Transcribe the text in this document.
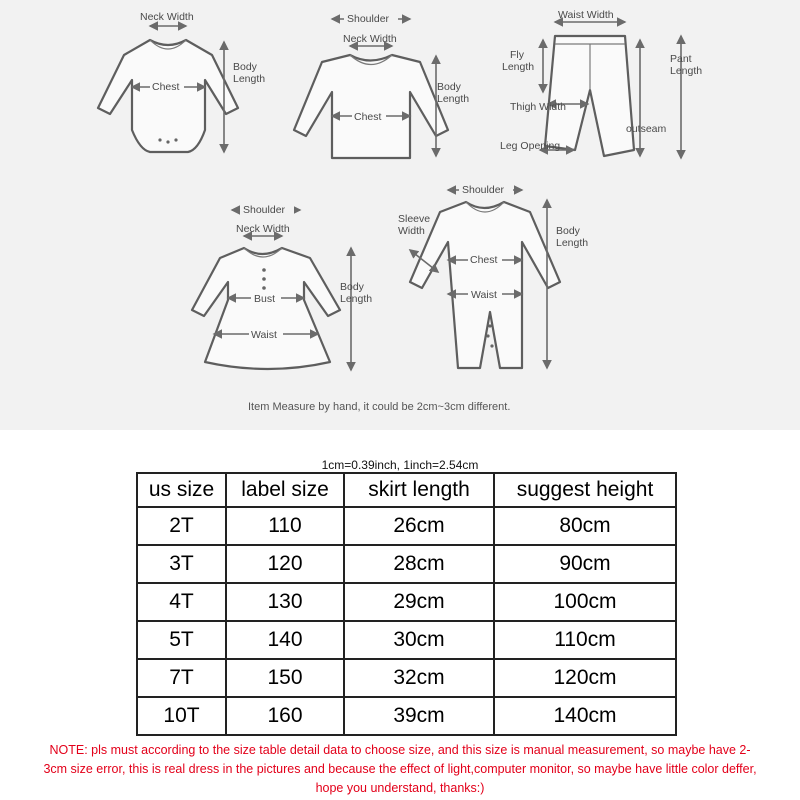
Neck Width
Chest
Body
Length
Shoulder
Neck Width
Chest
Body
Length
Waist Width
Fly
Length
Pant
Length
Thigh Width
outseam
Leg Opening
Shoulder
Neck Width
Bust
Waist
Body
Length
Shoulder
Sleeve
Width
Chest
Waist
Body
Length
Item Measure by hand, it could be 2cm~3cm different.
1cm=0.39inch, 1inch=2.54cm
us size	label size	skirt length	suggest height
2T	110	26cm	80cm
3T	120	28cm	90cm
4T	130	29cm	100cm
5T	140	30cm	110cm
7T	150	32cm	120cm
10T	160	39cm	140cm
NOTE: pls must according to the size table detail data to choose size, and this size is manual measurement, so maybe have 2-3cm size error, this is real dress in the pictures and because the effect of light,computer monitor, so maybe have little color deffer, hope you understand, thanks:)
